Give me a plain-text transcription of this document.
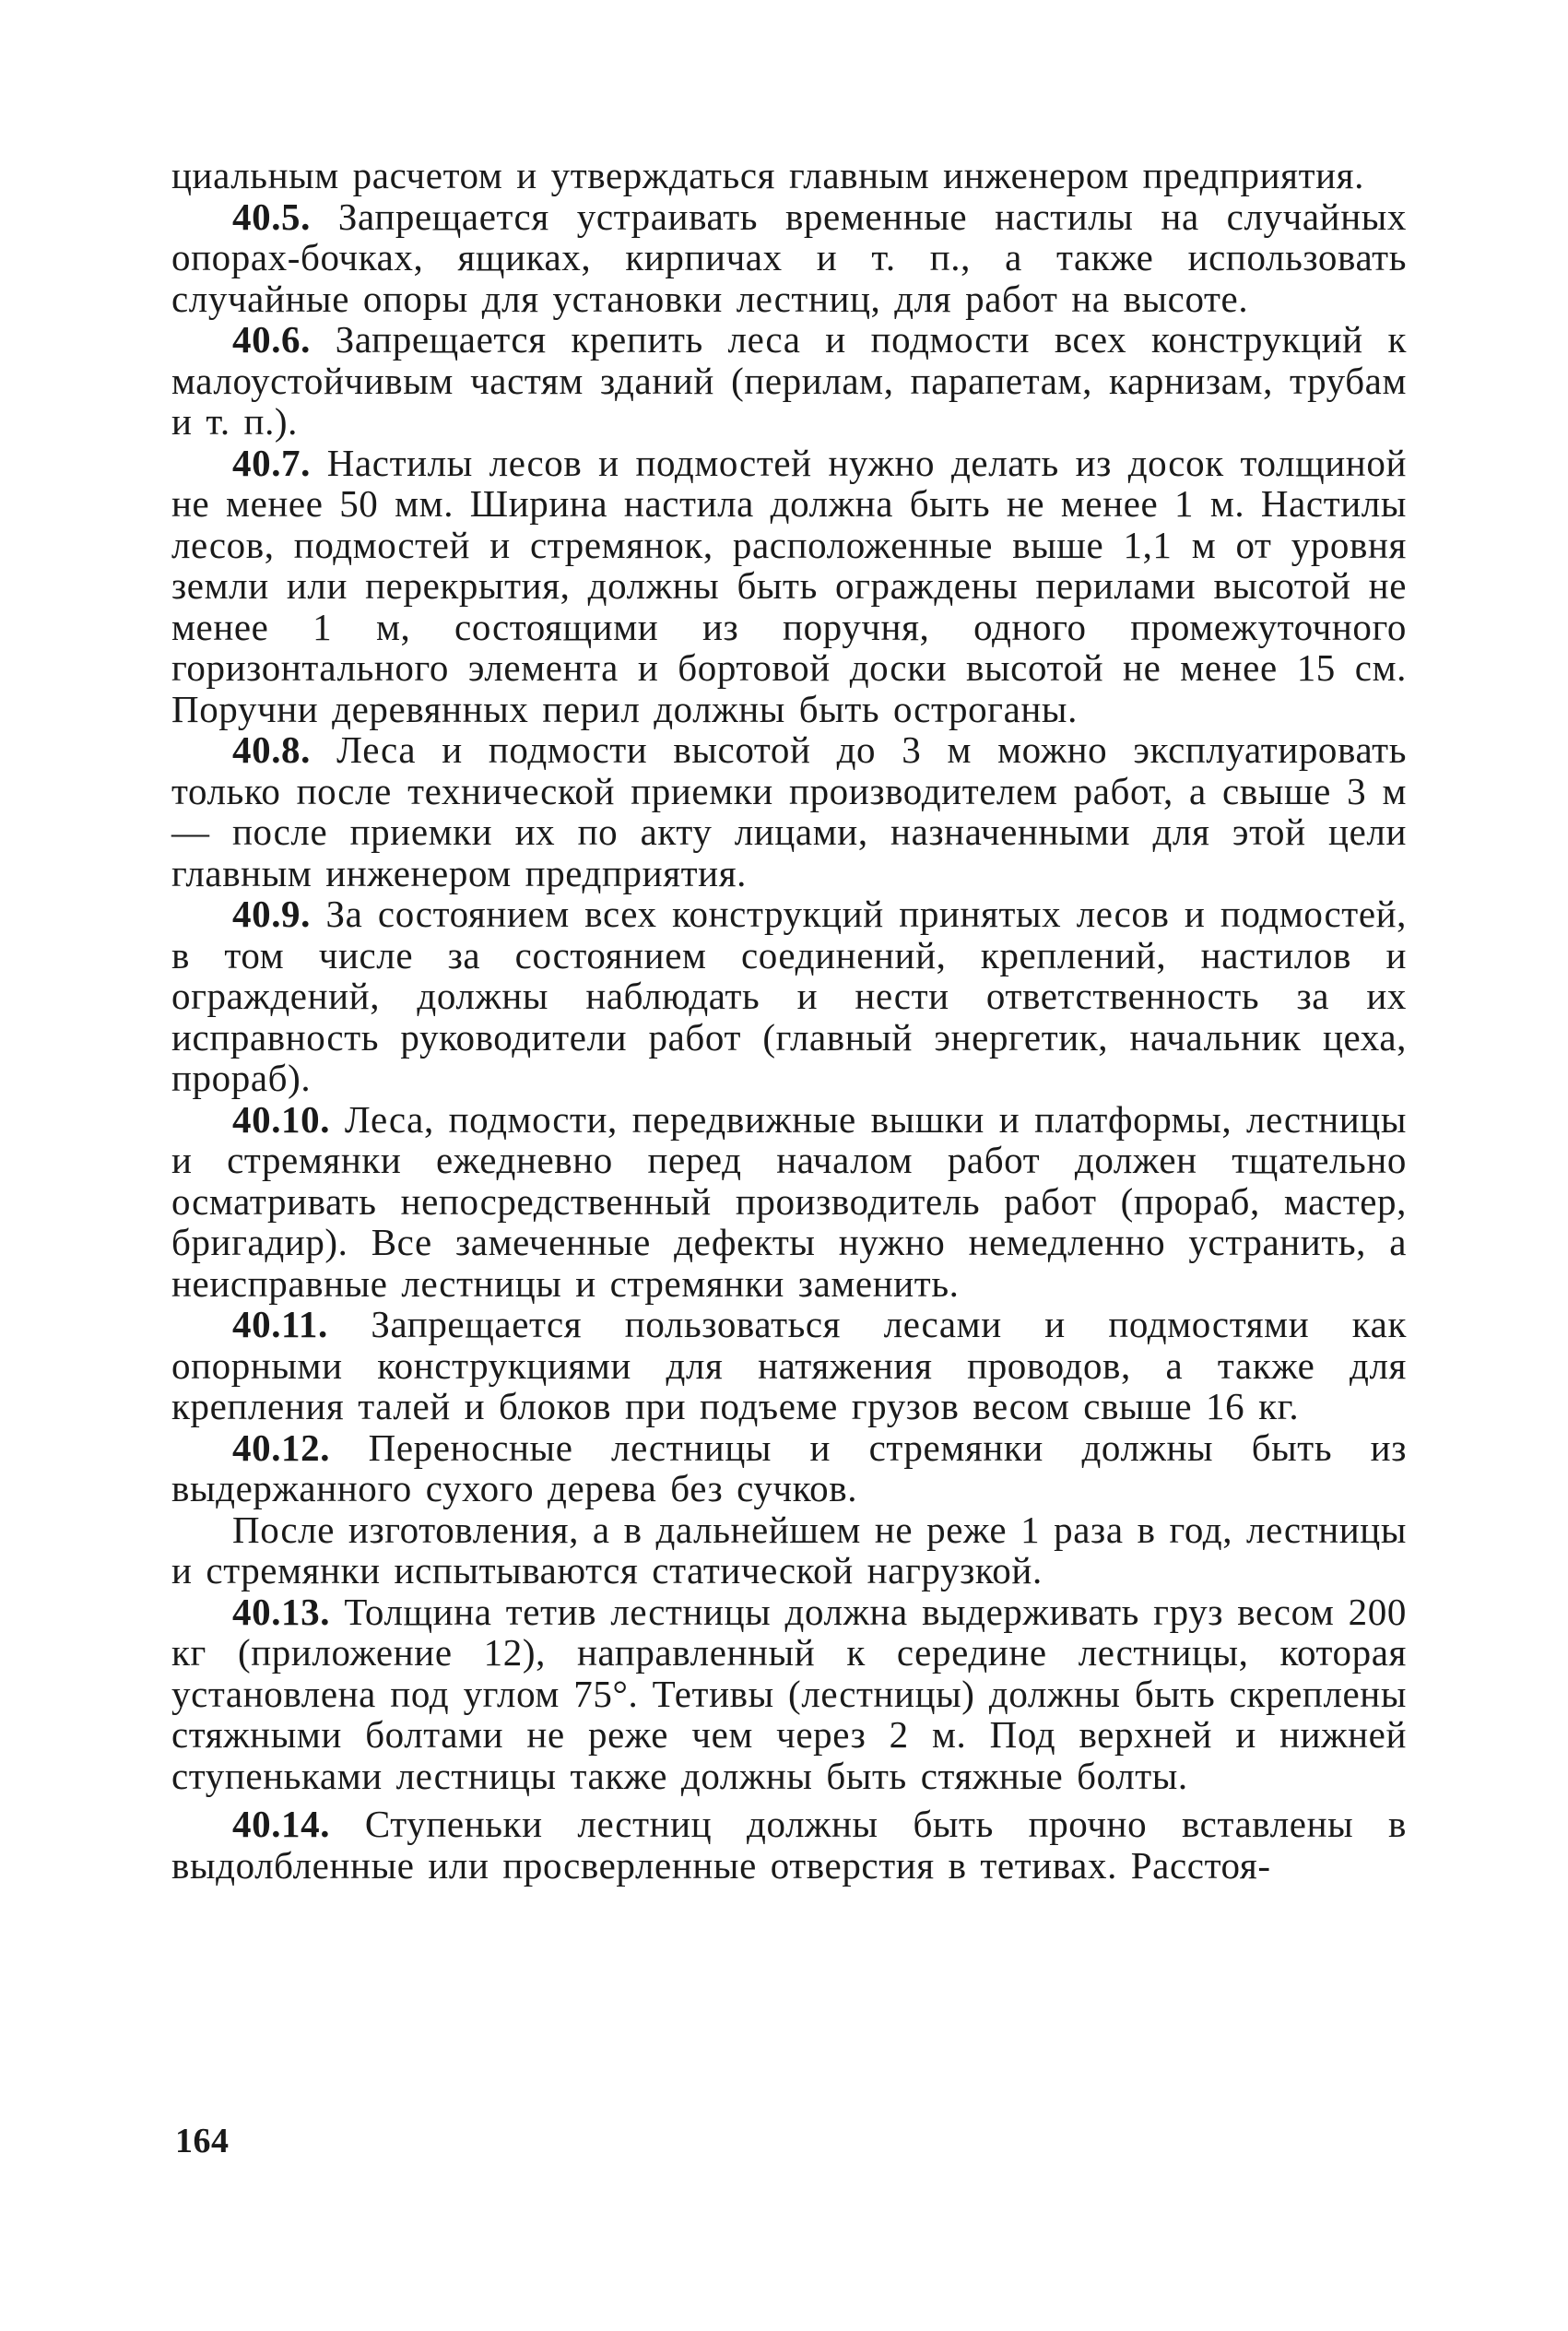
циальным расчетом и утверждаться главным инженером предприятия.

40.5. Запрещается устраивать временные настилы на случайных опорах-бочках, ящиках, кирпичах и т. п., а также использовать случайные опоры для установки лестниц, для работ на высоте.

40.6. Запрещается крепить леса и подмости всех конструкций к малоустойчивым частям зданий (перилам, парапетам, карнизам, трубам и т. п.).

40.7. Настилы лесов и подмостей нужно делать из досок толщиной не менее 50 мм. Ширина настила должна быть не менее 1 м. Настилы лесов, подмостей и стремянок, расположенные выше 1,1 м от уровня земли или перекрытия, должны быть ограждены перилами высотой не менее 1 м, состоящими из поручня, одного промежуточного горизонтального элемента и бортовой доски высотой не менее 15 см. Поручни деревянных перил должны быть остроганы.

40.8. Леса и подмости высотой до 3 м можно эксплуатировать только после технической приемки производителем работ, а свыше 3 м — после приемки их по акту лицами, назначенными для этой цели главным инженером предприятия.

40.9. За состоянием всех конструкций принятых лесов и подмостей, в том числе за состоянием соединений, креплений, настилов и ограждений, должны наблюдать и нести ответственность за их исправность руководители работ (главный энергетик, начальник цеха, прораб).

40.10. Леса, подмости, передвижные вышки и платформы, лестницы и стремянки ежедневно перед началом работ должен тщательно осматривать непосредственный производитель работ (прораб, мастер, бригадир). Все замеченные дефекты нужно немедленно устранить, а неисправные лестницы и стремянки заменить.

40.11. Запрещается пользоваться лесами и подмостями как опорными конструкциями для натяжения проводов, а также для крепления талей и блоков при подъеме грузов весом свыше 16 кг.

40.12. Переносные лестницы и стремянки должны быть из выдержанного сухого дерева без сучков.

После изготовления, а в дальнейшем не реже 1 раза в год, лестницы и стремянки испытываются статической нагрузкой.

40.13. Толщина тетив лестницы должна выдерживать груз весом 200 кг (приложение 12), направленный к середине лестницы, которая установлена под углом 75°. Тетивы (лестницы) должны быть скреплены стяжными болтами не реже чем через 2 м. Под верхней и нижней ступеньками лестницы также должны быть стяжные болты.

40.14. Ступеньки лестниц должны быть прочно вставлены в выдолбленные или просверленные отверстия в тетивах. Расстоя-

164
